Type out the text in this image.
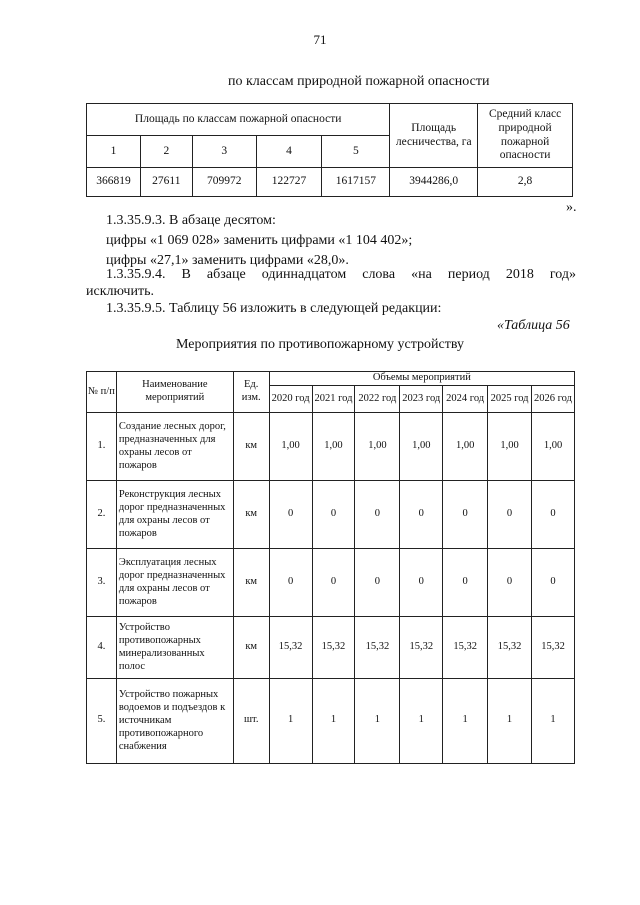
71
по классам природной пожарной опасности
Площадь по классам пожарной опасности					Площадь лесничества, га	Средний класс природной пожарной опасности
1	2	3	4	5		
366819	27611	709972	122727	1617157	3944286,0	2,8
».
1.3.35.9.3. В абзаце десятом:
цифры «1 069 028» заменить цифрами «1 104 402»;
цифры «27,1» заменить цифрами «28,0».
1.3.35.9.4. В абзаце одиннадцатом слова «на период 2018 год»
исключить.
1.3.35.9.5. Таблицу 56 изложить в следующей редакции:
«Таблица 56
Мероприятия по противопожарному устройству
№ п/п	Наименование мероприятий	Ед. изм.	Объемы мероприятий						
			2020 год	2021 год	2022 год	2023 год	2024 год	2025 год	2026 год
1.	Создание лесных дорог, предназначенных для охраны лесов от пожаров	км	1,00	1,00	1,00	1,00	1,00	1,00	1,00
2.	Реконструкция лесных дорог предназначенных для охраны лесов от пожаров	км	0	0	0	0	0	0	0
3.	Эксплуатация лесных дорог предназначенных для охраны лесов от пожаров	км	0	0	0	0	0	0	0
4.	Устройство противопожарных минерализованных полос	км	15,32	15,32	15,32	15,32	15,32	15,32	15,32
5.	Устройство пожарных водоемов и подъездов к источникам противопожарного снабжения	шт.	1	1	1	1	1	1	1
